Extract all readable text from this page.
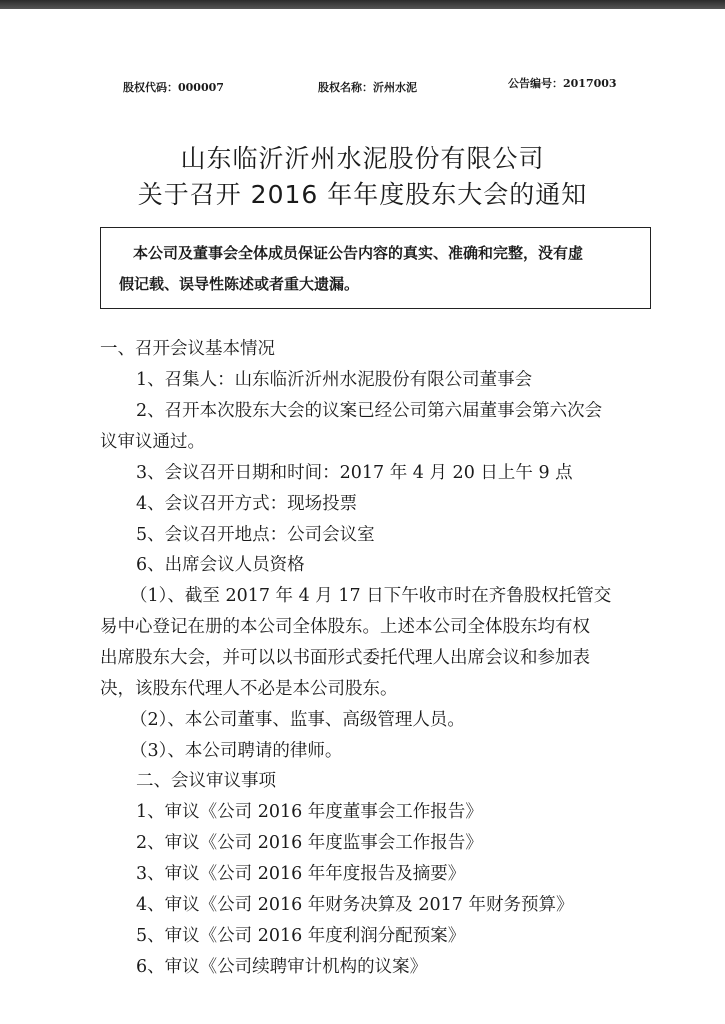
股权代码：000007	股权名称：沂州水泥	公告编号：2017003
山东临沂沂州水泥股份有限公司
关于召开 2016 年年度股东大会的通知
本公司及董事会全体成员保证公告内容的真实、准确和完整，没有虚
假记载、误导性陈述或者重大遗漏。
一、召开会议基本情况
1、召集人：山东临沂沂州水泥股份有限公司董事会
2、召开本次股东大会的议案已经公司第六届董事会第六次会
议审议通过。
3、会议召开日期和时间：2017 年 4 月 20 日上午 9 点
4、会议召开方式：现场投票
5、会议召开地点：公司会议室
6、出席会议人员资格
（1）、截至 2017 年 4 月 17 日下午收市时在齐鲁股权托管交
易中心登记在册的本公司全体股东。上述本公司全体股东均有权
出席股东大会，并可以以书面形式委托代理人出席会议和参加表
决，该股东代理人不必是本公司股东。
（2）、本公司董事、监事、高级管理人员。
（3）、本公司聘请的律师。
二、会议审议事项
1、审议《公司 2016 年度董事会工作报告》
2、审议《公司 2016 年度监事会工作报告》
3、审议《公司 2016 年年度报告及摘要》
4、审议《公司 2016 年财务决算及 2017 年财务预算》
5、审议《公司 2016 年度利润分配预案》
6、审议《公司续聘审计机构的议案》
